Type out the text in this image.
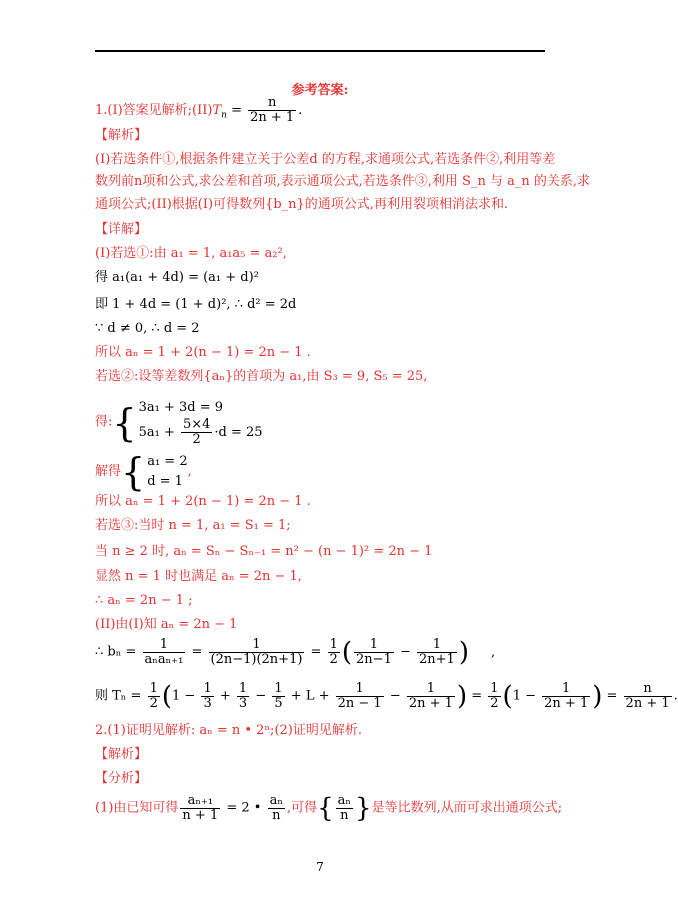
参考答案:
1.(I)答案见解析$;(II)T_n = \frac{n}{2n + 1}$ .
【解析】
(I)若选条件①,根据条件建立关于公差d 的方程,求通项公式,若选条件②,利用等差
数列前n项和公式,求公差和首项,表示通项公式,若选条件③,利用 S_n 与 a_n 的关系,求
通项公式;(II)根据(I)可得数列{b_n}的通项公式,再利用裂项相消法求和.
【详解】
(I)若选①:由 a₁ = 1, a₁a₅ = a₂²,
得 a₁(a₁ + 4d) = (a₁ + d)²
即 1 + 4d = (1 + d)², ∴ d² = 2d
∵ d ≠ 0, ∴ d = 2
所以 aₙ = 1 + 2(n − 1) = 2n − 1 .
若选②:设等差数列{aₙ}的首项为 a₁,由 S₃ = 9, S₅ = 25,
得:{ 3a₁ + 3d = 9
$5a_1 + \frac{5\times 4}{2} \cdot d = 25$
解得{ a₁ = 2
d = 1
,
所以 aₙ = 1 + 2(n − 1) = 2n − 1 .
若选③:当时 n = 1, a₁ = S₁ = 1;
当 n ≥ 2 时, aₙ = Sₙ − Sₙ₋₁ = n² − (n − 1)² = 2n − 1
显然 n = 1 时也满足 aₙ = 2n − 1,
∴ aₙ = 2n − 1 ;
(II)由(I)知 aₙ = 2n − 1
∴ $b_n = \frac{1}{\text{aₙaₙ₊₁}} = \frac{1}{(2n-1)(2n+1)} = \frac{1}{2}$ ( $\frac{1}{2n-1} - \frac{1}{2n+1}$ ) ,
则 $T_n = \frac{1}{2} (1 - \frac{1}{3} + \frac{1}{3} - \frac{1}{5} + L + \frac{1}{2n - 1} - \frac{1}{2n + 1}$ ) = $\frac{1}{2} (1 - \frac{1}{2n + 1}$ ) = $\frac{n}{2n + 1}$ .
2.(1)证明见解析: aₙ = n • 2ⁿ;(2)证明见解析.
【解析】
【分析】
(1)由已知可得 $\frac{\text{aₙ₊₁}}{n + 1} = 2$ • $\frac{\text{aₙ}}{n}$ ,可得{ $\frac{\text{aₙ}}{n}$ }是等比数列,从而可求出通项公式;
7
